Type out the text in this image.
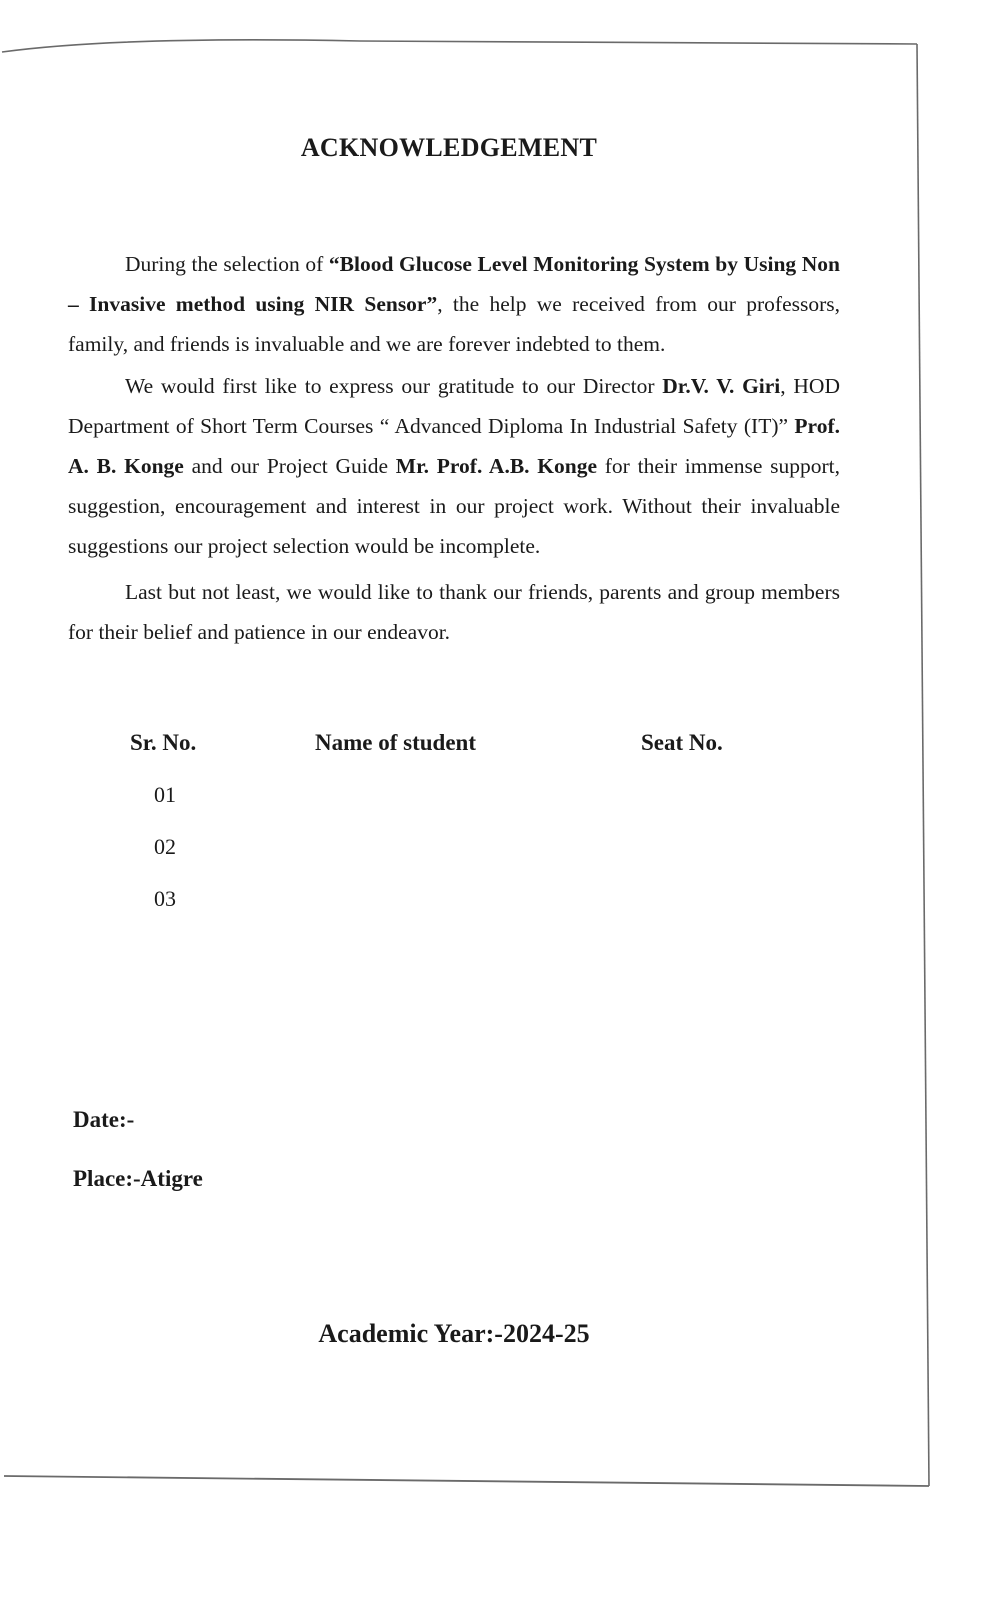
ACKNOWLEDGEMENT

During the selection of “Blood Glucose Level Monitoring System by Using Non – Invasive method using NIR Sensor”, the help we received from our professors, family, and friends is invaluable and we are forever indebted to them.

We would first like to express our gratitude to our Director Dr.V. V. Giri, HOD Department of Short Term Courses “ Advanced Diploma In Industrial Safety (IT)” Prof. A. B. Konge and our Project Guide Mr. Prof. A.B. Konge for their immense support, suggestion, encouragement and interest in our project work. Without their invaluable suggestions our project selection would be incomplete.

Last but not least, we would like to thank our friends, parents and group members for their belief and patience in our endeavor.

Sr. No.	Name of student	Seat No.
01
02
03
Date:-
Place:-Atigre
Academic Year:-2024-25
